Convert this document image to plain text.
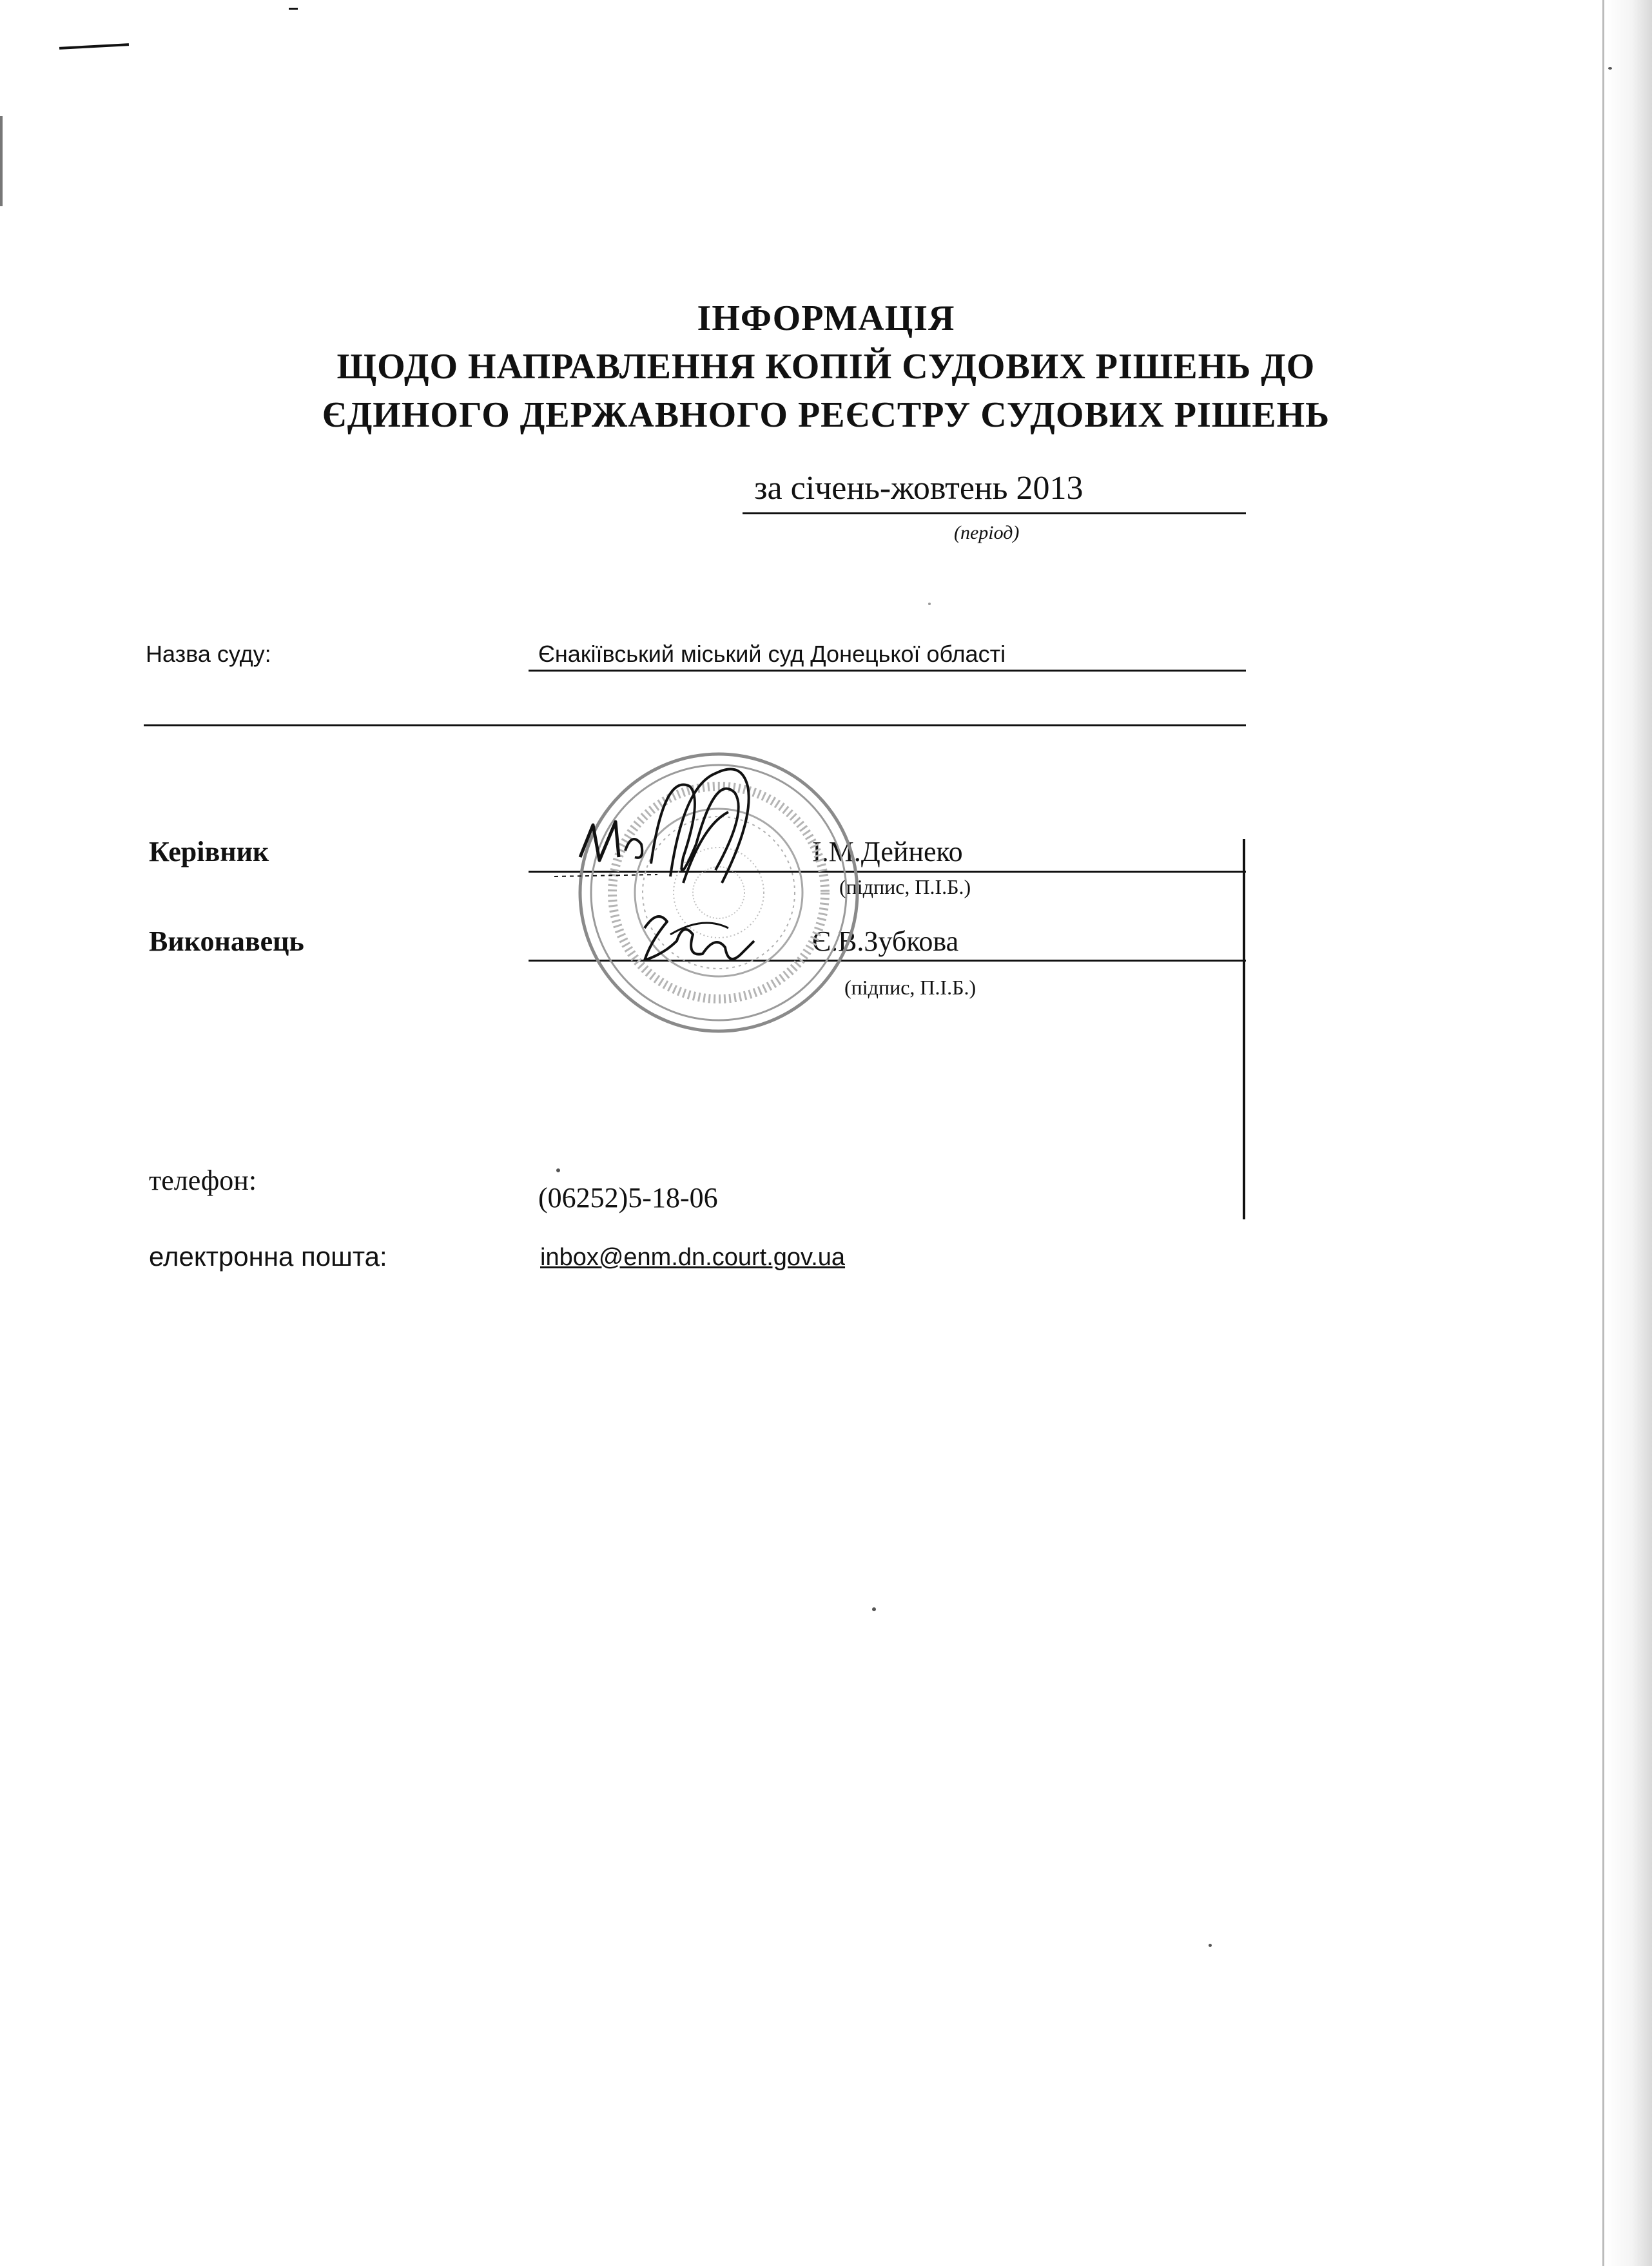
ІНФОРМАЦІЯ
ЩОДО НАПРАВЛЕННЯ КОПІЙ СУДОВИХ РІШЕНЬ ДО
ЄДИНОГО ДЕРЖАВНОГО РЕЄСТРУ СУДОВИХ РІШЕНЬ
за січень-жовтень 2013
(період)
Назва суду:	Єнакіївський міський суд Донецької області
Керівник	І.М.Дейнеко
(підпис, П.І.Б.)
Виконавець	Є.В.Зубкова
(підпис, П.І.Б.)
телефон:
(06252)5-18-06
електронна пошта:	inbox@enm.dn.court.gov.ua
